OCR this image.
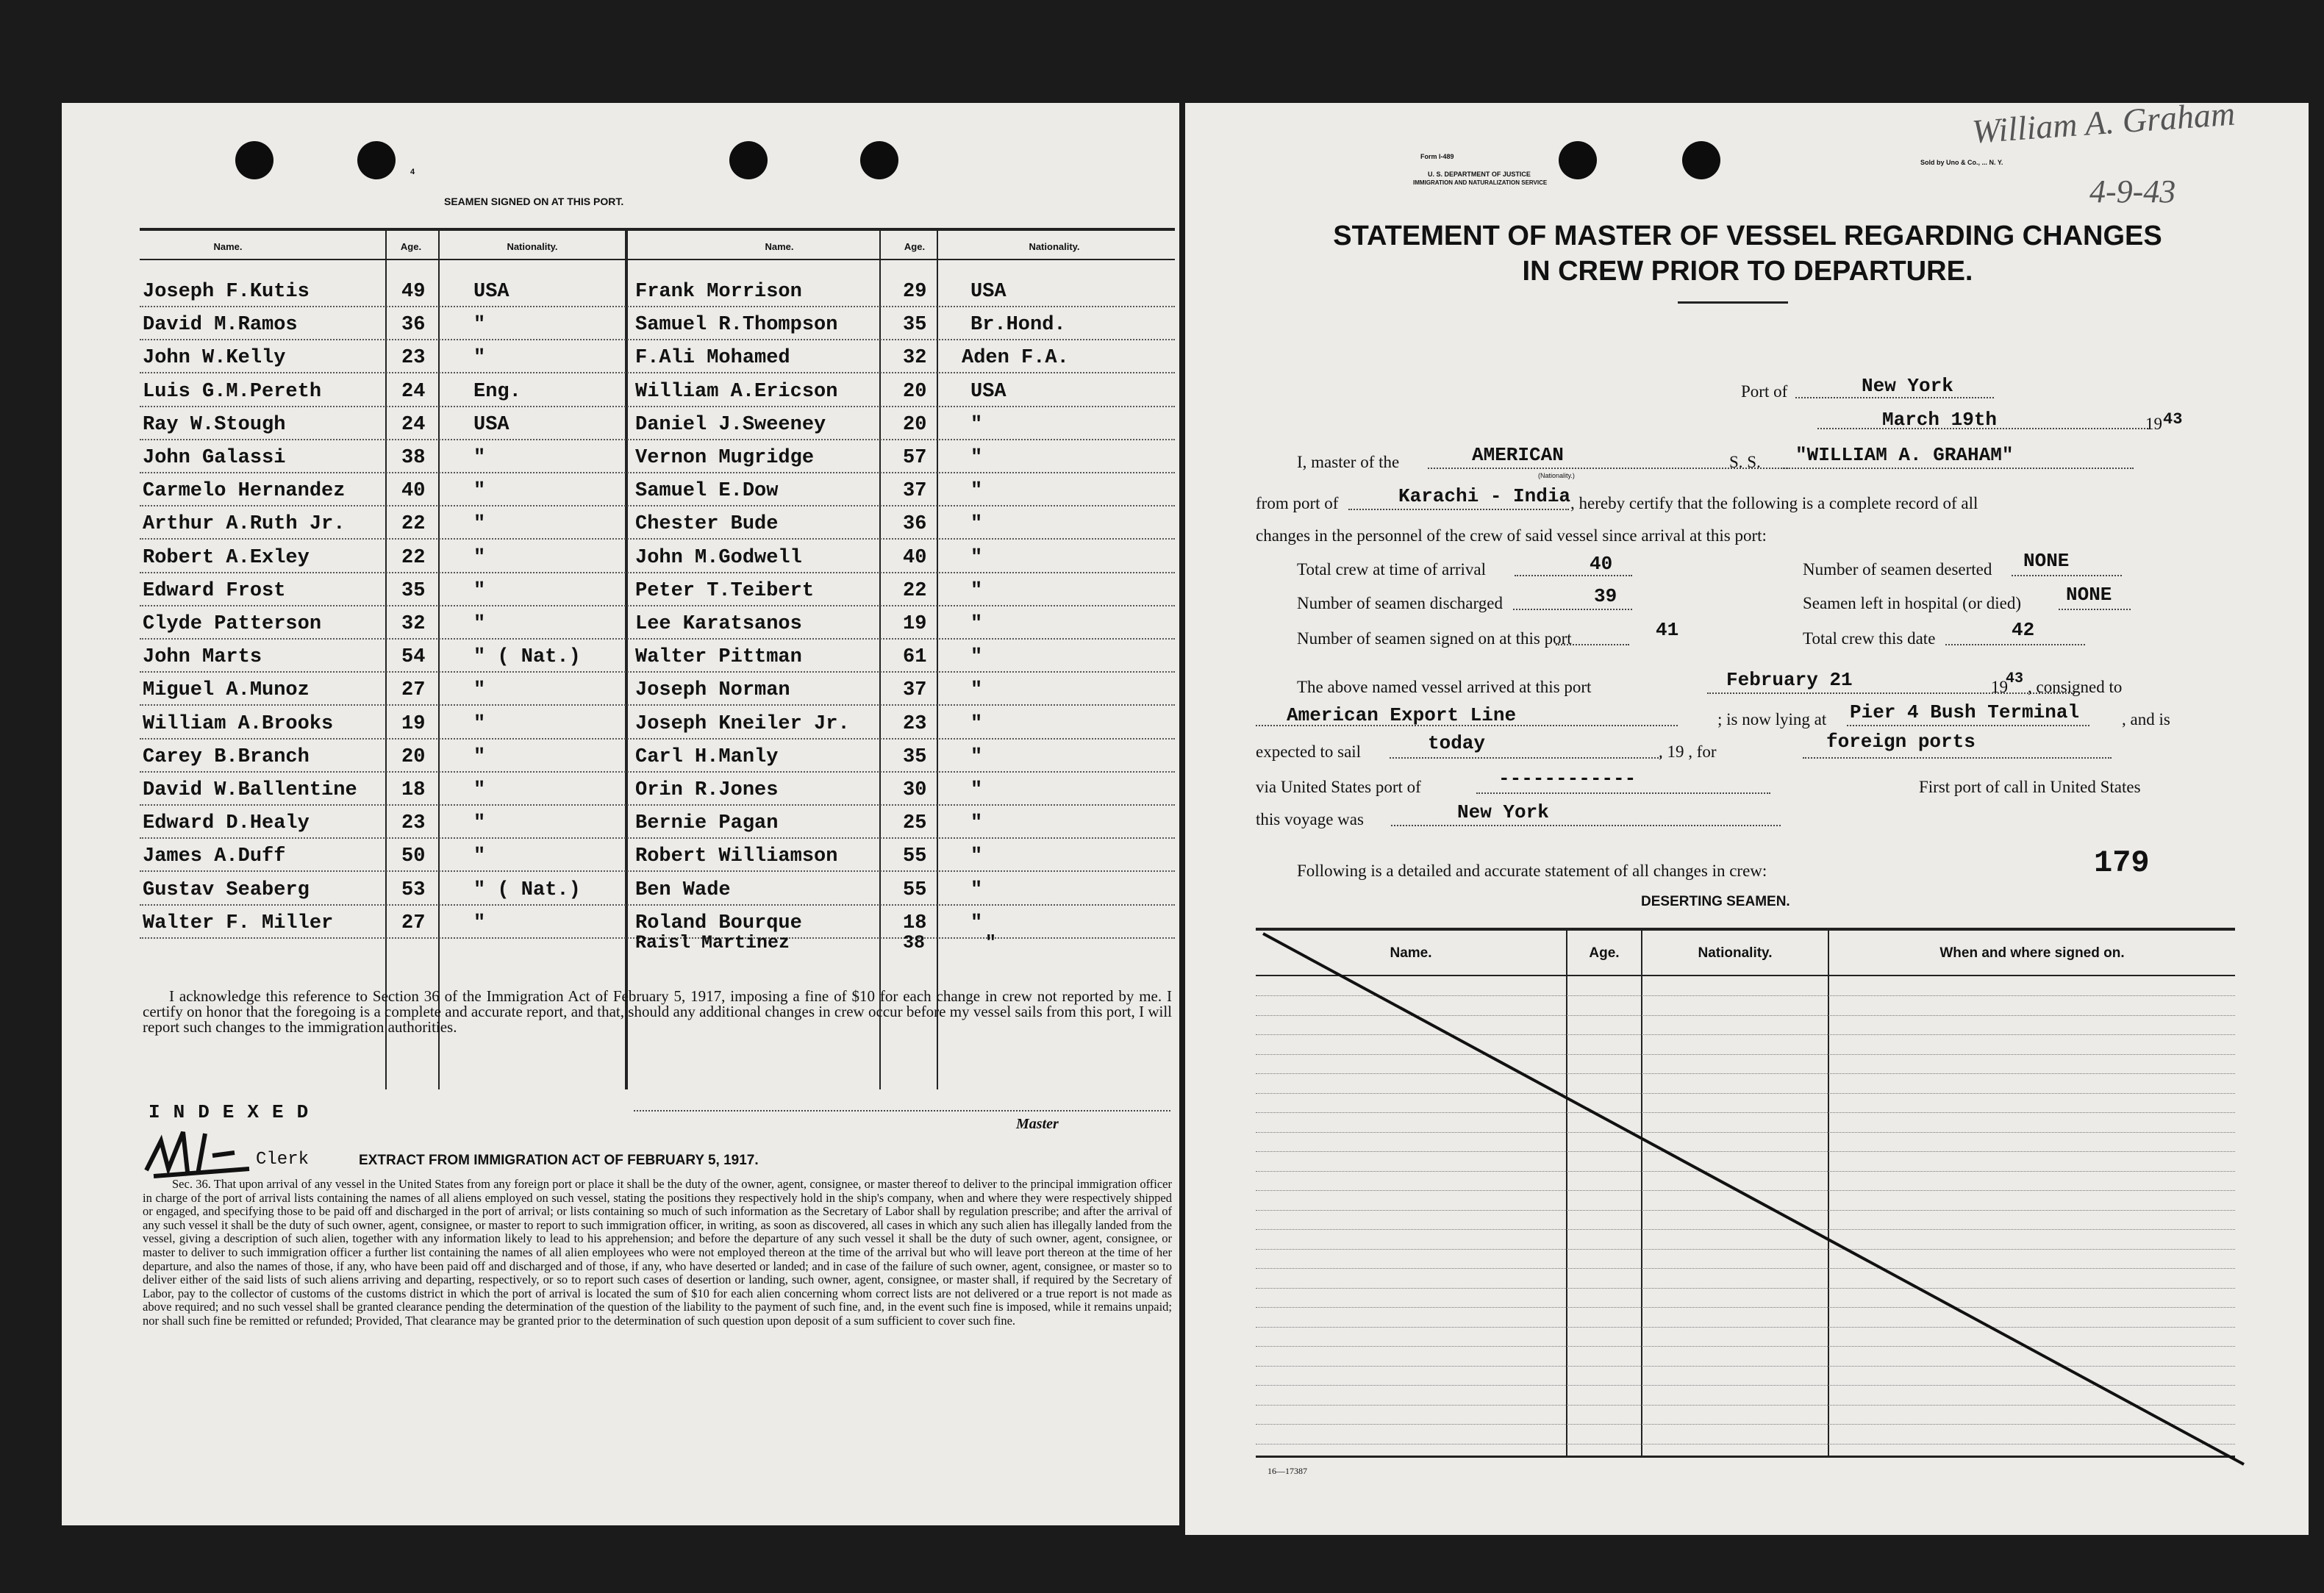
4
SEAMEN SIGNED ON AT THIS PORT.
Name.	Age.	Nationality.	Name.	Age.	Nationality.
Joseph F.Kutis	49 USA	Frank Morrison	29 USA
David M.Ramos	36 "	Samuel R.Thompson	35 Br.Hond.
John W.Kelly	23 "	F.Ali Mohamed	32 Aden F.A.
Luis G.M.Pereth	24 Eng.	William A.Ericson	20 USA
Ray W.Stough	24 USA	Daniel J.Sweeney	20 "
John Galassi	38 "	Vernon Mugridge	57 "
Carmelo Hernandez	40 "	Samuel E.Dow	37 "
Arthur A.Ruth Jr.	22 "	Chester Bude	36 "
Robert A.Exley	22 "	John M.Godwell	40 "
Edward Frost	35 "	Peter T.Teibert	22 "
Clyde Patterson	32 "	Lee Karatsanos	19 "
John Marts	54 " ( Nat.)	Walter Pittman	61 "
Miguel A.Munoz	27 "	Joseph Norman	37 "
William A.Brooks	19 "	Joseph Kneiler Jr.	23 "
Carey B.Branch	20 "	Carl H.Manly	35 "
David W.Ballentine 18 "	Orin R.Jones	30 "
Edward D.Healy	23 "	Bernie Pagan	25 "
James A.Duff	50 "	Robert Williamson	55 "
Gustav Seaberg	53 " ( Nat.)	Ben Wade	55 "
Walter F. Miller	27 "	Roland Bourque	18 "
Raisl Martinez	38	"
I acknowledge this reference to Section 36 of the Immigration Act of February 5, 1917, imposing a fine of $10 for each change in crew not reported by me. I certify on honor that the foregoing is a complete and accurate report, and that, should any additional changes in crew occur before my vessel sails from this port, I will report such changes to the immigration authorities.
INDEXED
Clerk
Master
EXTRACT FROM IMMIGRATION ACT OF FEBRUARY 5, 1917.
Sec. 36. That upon arrival of any vessel in the United States from any foreign port or place it shall be the duty of the owner, agent, consignee, or master thereof to deliver to the principal immigration officer in charge of the port of arrival lists containing the names of all aliens employed on such vessel, stating the positions they respectively hold in the ship's company, when and where they were respectively shipped or engaged, and specifying those to be paid off and discharged in the port of arrival; or lists containing so much of such information as the Secretary of Labor shall by regulation prescribe; and after the arrival of any such vessel it shall be the duty of such owner, agent, consignee, or master to report to such immigration officer, in writing, as soon as discovered, all cases in which any such alien has illegally landed from the vessel, giving a description of such alien, together with any information likely to lead to his apprehension; and before the departure of any such vessel it shall be the duty of such owner, agent, consignee, or master to deliver to such immigration officer a further list containing the names of all alien employees who were not employed thereon at the time of the arrival but who will leave port thereon at the time of her departure, and also the names of those, if any, who have been paid off and discharged and of those, if any, who have deserted or landed; and in case of the failure of such owner, agent, consignee, or master so to deliver either of the said lists of such aliens arriving and departing, respectively, or so to report such cases of desertion or landing, such owner, agent, consignee, or master shall, if required by the Secretary of Labor, pay to the collector of customs of the customs district in which the port of arrival is located the sum of $10 for each alien concerning whom correct lists are not delivered or a true report is not made as above required; and no such vessel shall be granted clearance pending the determination of the question of the liability to the payment of such fine, and, in the event such fine is imposed, while it remains unpaid; nor shall such fine be remitted or refunded; Provided, That clearance may be granted prior to the determination of such question upon deposit of a sum sufficient to cover such fine.
Form I-489
U. S. DEPARTMENT OF JUSTICE
IMMIGRATION AND NATURALIZATION SERVICE
Sold by Uno & Co., ... N. Y.
William A. Graham
4-9-43
STATEMENT OF MASTER OF VESSEL REGARDING CHANGES
IN CREW PRIOR TO DEPARTURE.
Port of	New York
March 19th	19 43
I, master of the	AMERICAN
(Nationality.)
S. S. "WILLIAM A. GRAHAM"
from port of	Karachi - India , hereby certify that the following is a complete record of all
changes in the personnel of the crew of said vessel since arrival at this port:
Total crew at time of arrival	40	Number of seamen deserted NONE
Number of seamen discharged	39	Seamen left in hospital (or died) NONE
Number of seamen signed on at this port	41	Total crew this date	42
The above named vessel arrived at this port	February 21	19
43 , consigned to
American Export Line	; is now lying at Pier 4 Bush Terminal	, and is
expected to sail	today	, 19 , for	foreign ports
via United States port of	------------	First port of call in United States
this voyage was	New York
Following is a detailed and accurate statement of all changes in crew:	179
DESERTING SEAMEN.
Name.	Age.	Nationality.	When and where signed on.
16—17387
